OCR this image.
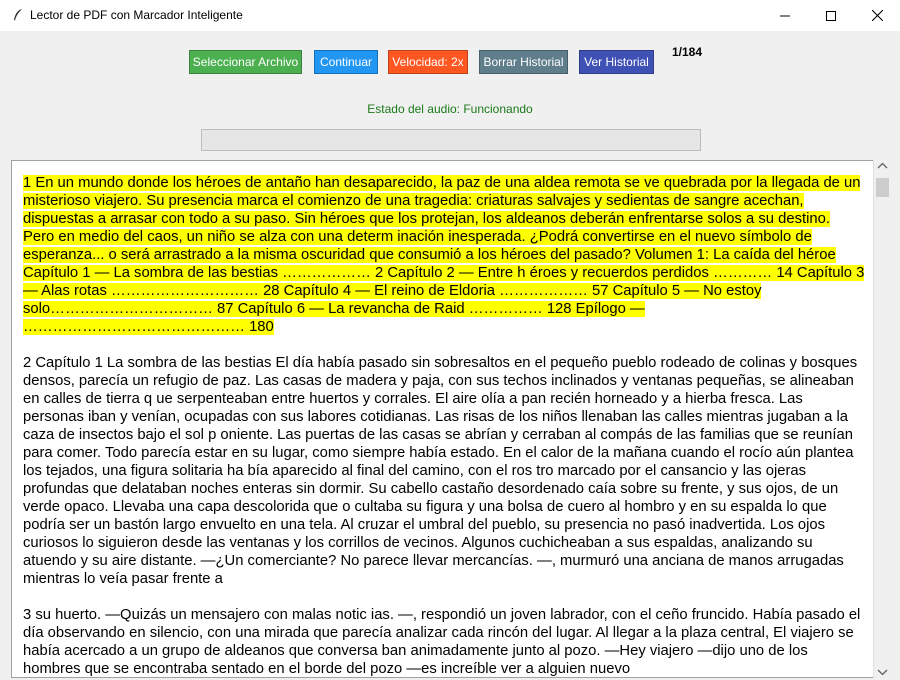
Lector de PDF con Marcador Inteligente
Seleccionar Archivo	Continuar	Velocidad: 2x	Borrar Historial	Ver Historial
1/184
Estado del audio: Funcionando

1 En un mundo donde los héroes de antaño han desaparecido, la paz de una aldea remota se ve quebrada por la llegada de un misterioso viajero. Su presencia marca el comienzo de una tragedia: criaturas salvajes y sedientas de sangre acechan, dispuestas a arrasar con todo a su paso. Sin héroes que los protejan, los aldeanos deberán enfrentarse solos a su destino. Pero en medio del caos, un niño se alza con una determ inación inesperada. ¿Podrá convertirse en el nuevo símbolo de esperanza... o será arrastrado a la misma oscuridad que consumió a los héroes del pasado? Volumen 1: La caída del héroe Capítulo 1 — La sombra de las bestias ……………… 2 Capítulo 2 — Entre h éroes y recuerdos perdidos ………… 14 Capítulo 3 — Alas rotas ………………………… 28 Capítulo 4 — El reino de Eldoria ……………… 57 Capítulo 5 — No estoy solo…………………………… 87 Capítulo 6 — La revancha de Raid …………… 128 Epílogo — ……………………………………… 180

2 Capítulo 1 La sombra de las bestias El día había pasado sin sobresaltos en el pequeño pueblo rodeado de colinas y bosques densos, parecía un refugio de paz. Las casas de madera y paja, con sus techos inclinados y ventanas pequeñas, se alineaban en calles de tierra q ue serpenteaban entre huertos y corrales. El aire olía a pan recién horneado y a hierba fresca. Las personas iban y venían, ocupadas con sus labores cotidianas. Las risas de los niños llenaban las calles mientras jugaban a la caza de insectos bajo el sol p oniente. Las puertas de las casas se abrían y cerraban al compás de las familias que se reunían para comer. Todo parecía estar en su lugar, como siempre había estado. En el calor de la mañana cuando el rocío aún plantea los tejados, una figura solitaria ha bía aparecido al final del camino, con el ros tro marcado por el cansancio y las ojeras profundas que delataban noches enteras sin dormir. Su cabello castaño desordenado caía sobre su frente, y sus ojos, de un verde opaco. Llevaba una capa descolorida que o cultaba su figura y una bolsa de cuero al hombro y en su espalda lo que podría ser un bastón largo envuelto en una tela. Al cruzar el umbral del pueblo, su presencia no pasó inadvertida. Los ojos curiosos lo siguieron desde las ventanas y los corrillos de vecinos. Algunos cuchicheaban a sus espaldas, analizando su atuendo y su aire distante. —¿Un comerciante? No parece llevar mercancías. —, murmuró una anciana de manos arrugadas mientras lo veía pasar frente a

3 su huerto. —Quizás un mensajero con malas notic ias. —, respondió un joven labrador, con el ceño fruncido. Había pasado el día observando en silencio, con una mirada que parecía analizar cada rincón del lugar. Al llegar a la plaza central, El viajero se había acercado a un grupo de aldeanos que conversa ban animadamente junto al pozo. —Hey viajero —dijo uno de los hombres que se encontraba sentado en el borde del pozo —es increíble ver a alguien nuevo
